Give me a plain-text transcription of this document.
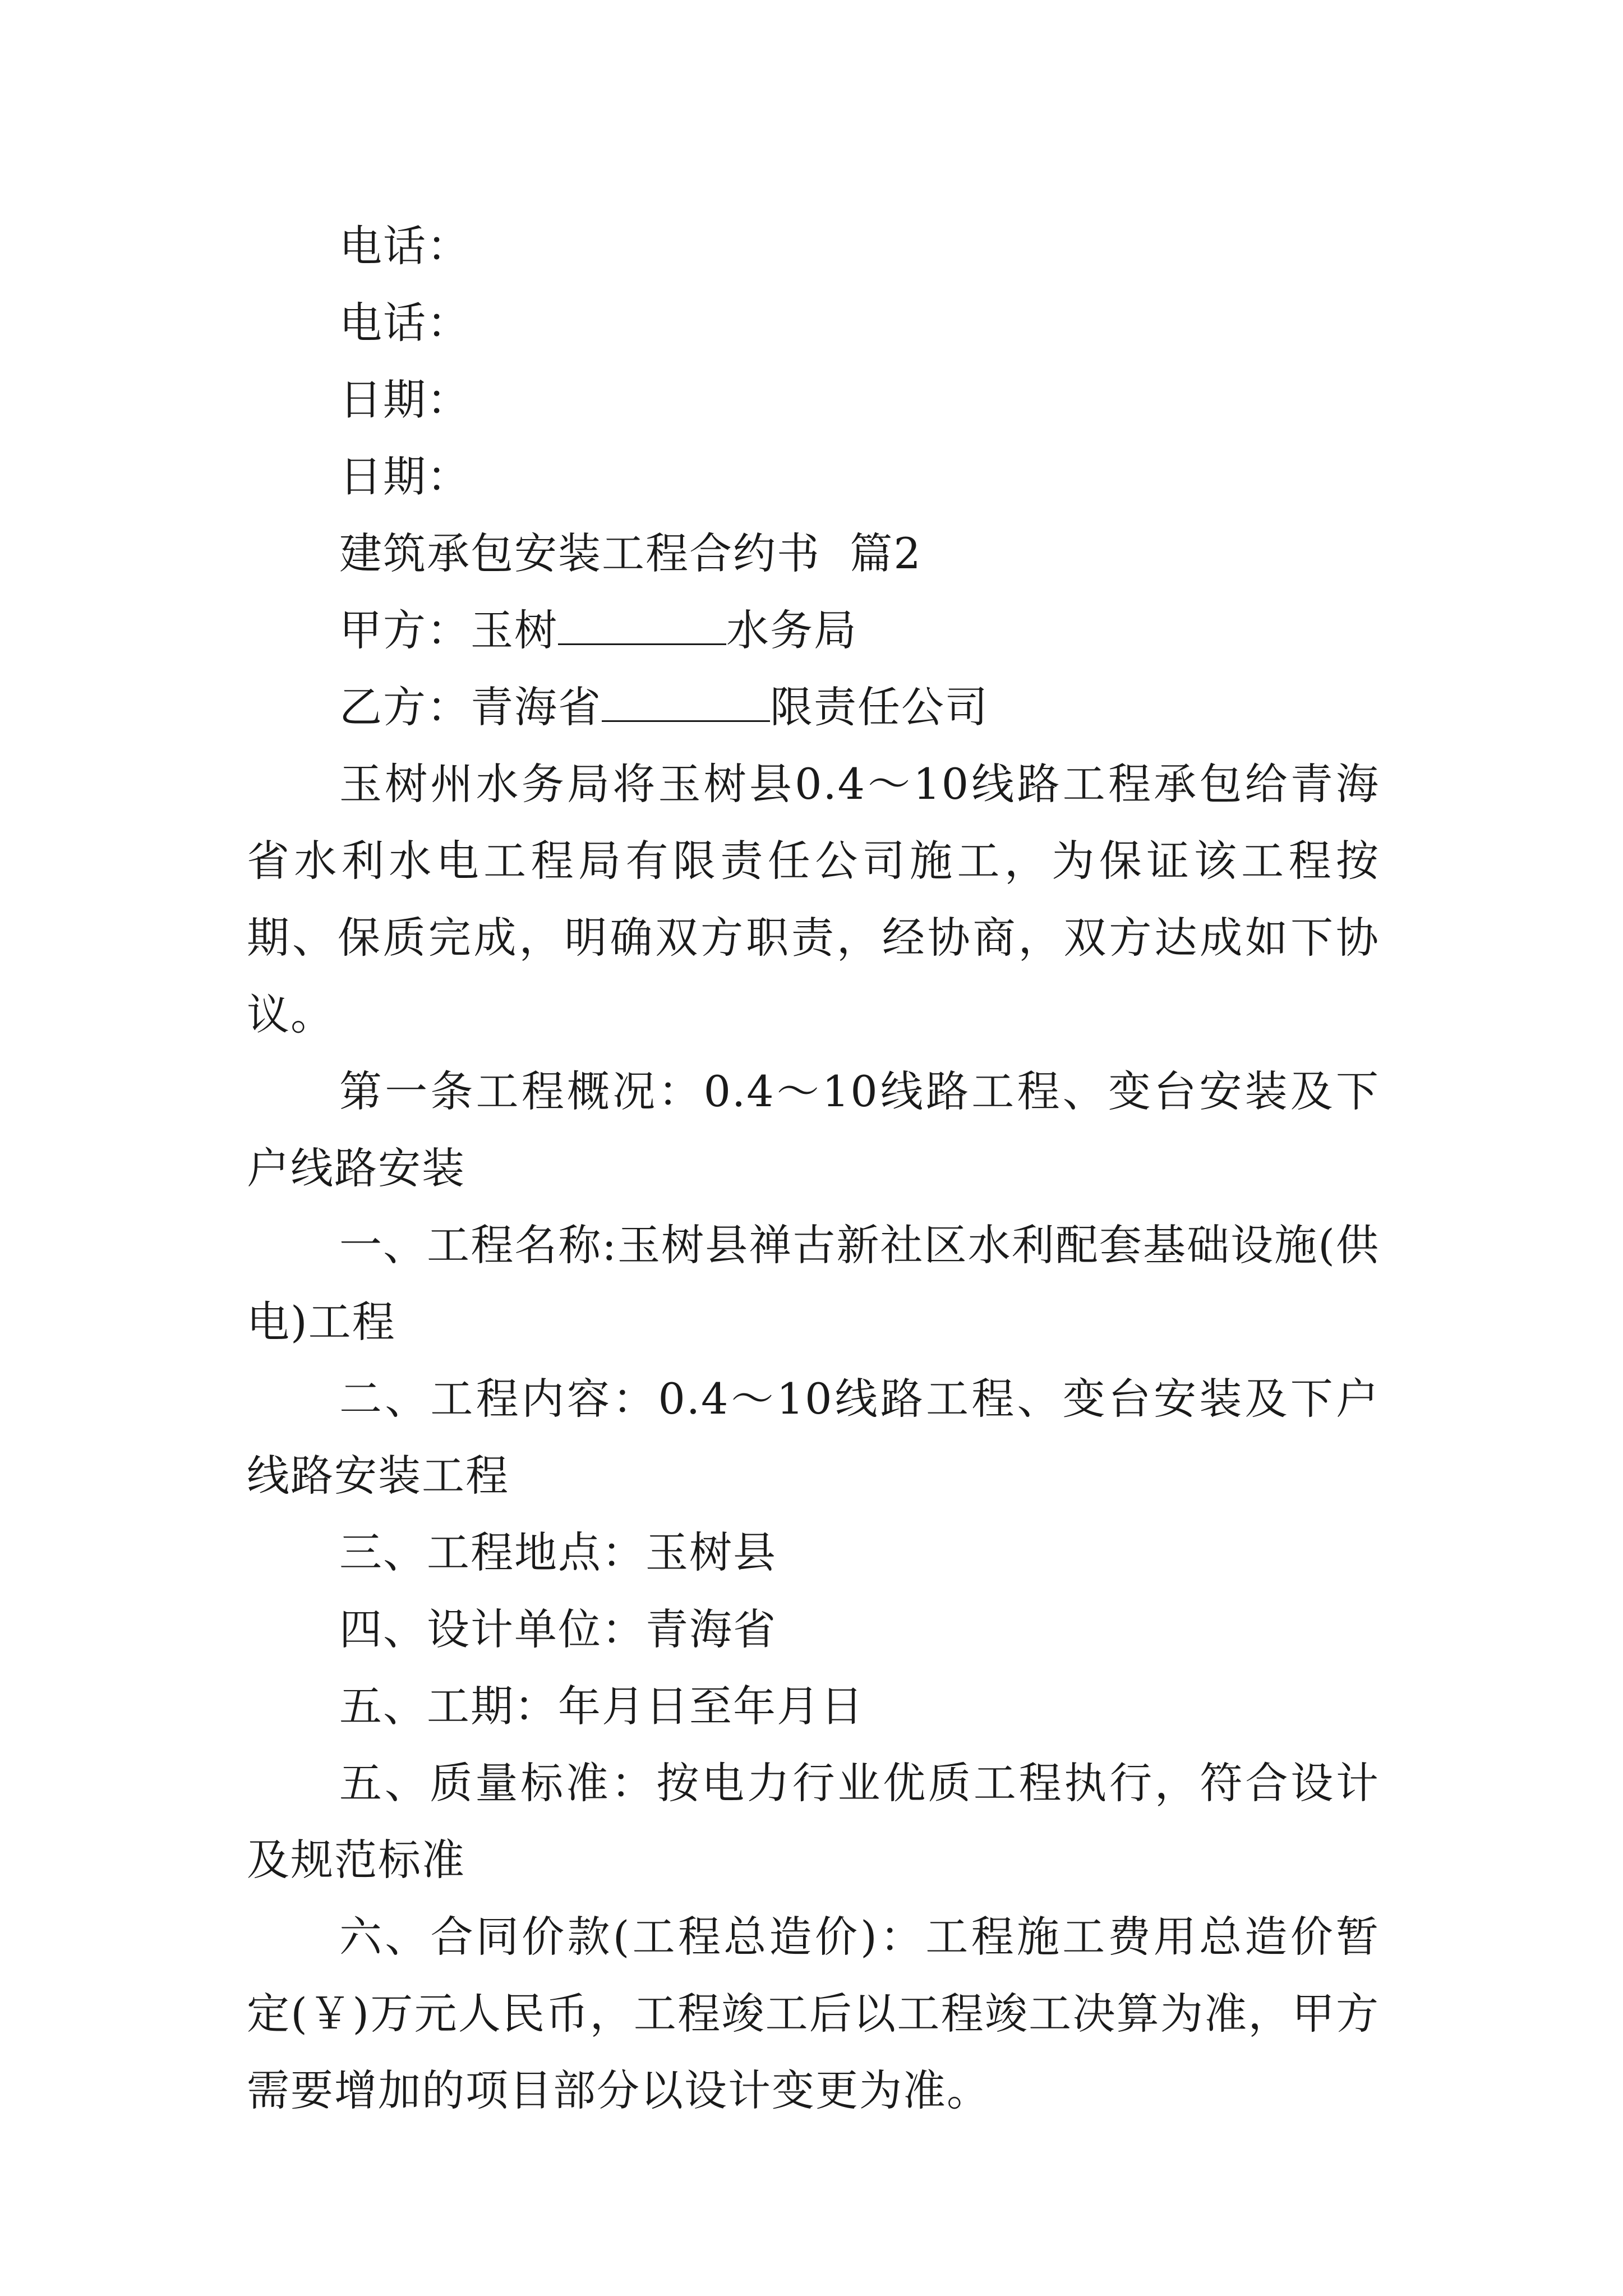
电话：

电话：

日期：

日期：

建筑承包安装工程合约书  篇2

甲方：玉树	水务局

乙方：青海省	限责任公司

玉树州水务局将玉树县0.4～10线路工程承包给青海省水利水电工程局有限责任公司施工，为保证该工程按期、保质完成，明确双方职责，经协商，双方达成如下协议。

第一条工程概况：0.4～10线路工程、变台安装及下户线路安装

一、工程名称:玉树县禅古新社区水利配套基础设施(供电)工程

二、工程内容：0.4～10线路工程、变台安装及下户线路安装工程

三、工程地点：玉树县

四、设计单位：青海省

五、工期：年月日至年月日

五、质量标准：按电力行业优质工程执行，符合设计及规范标准

六、合同价款(工程总造价)：工程施工费用总造价暂定(￥)万元人民币，工程竣工后以工程竣工决算为准，甲方需要增加的项目部分以设计变更为准。
